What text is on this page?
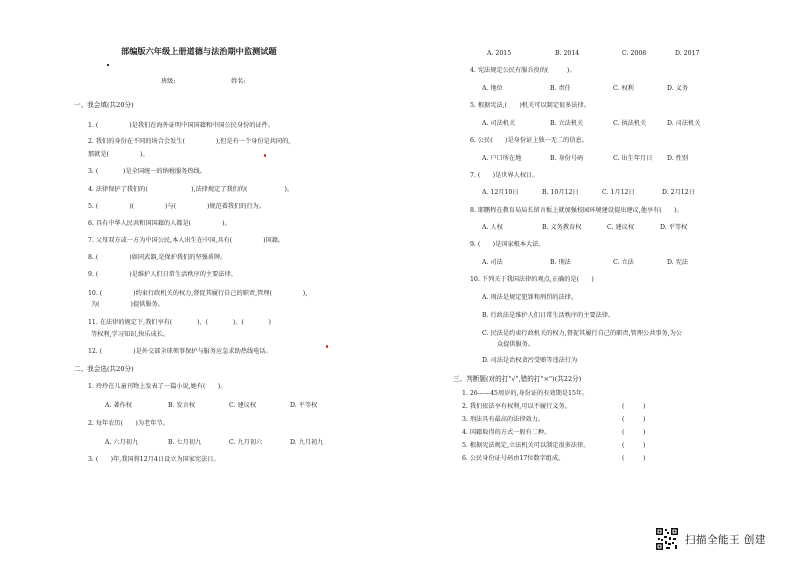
部编版六年级上册道德与法治期中监测试题
班级:	姓名:
一、我会填(共20分)
1. (　　　　　)是我们在海外证明中国国籍和中国公民身份的证件。
2. 我们的身份在不同的场合会发生(　　　　　),但是有一个身份是共同的,
那就是(　　　　　)。
3. (　　　　)是全国统一的纳税服务热线。
4. 法律保护了我们的(　　　　　　　),法律规定了我们的(　　　　　　)。
5. (　　　　　)(　　　　　)与(　　　　　)规范着我们的行为。
6. 具有中华人民共和国国籍的人都是(　　　　　)。
7. 父母双方或一方为中国公民,本人出生在中国,具有(　　　　　)国籍。
8. (　　　　　)如同武器,是保护我们的坚强盾牌。
9. (　　　　　)是维护人们日常生活秩序的主要法律。
10. (　　　　　)约束行政机关的权力,督促其履行自己的职责,管理(　　　　　),
为(　　　　　)提供服务。
11. 在法律的规定下,我们享有(　　　　)、(　　　　)、(　　　　)
等权利,学习知识,快乐成长。
12. (　　　　　)是外交部全球领事保护与服务应急求助热线电话。
二、我会选(共20分)
1. 玲玲在儿童刊物上发表了一篇小说,她有(　　)。
A. 著作权	B. 发言权	C. 建议权	D. 平等权
2. 每年农历(　　)为老年节。
A. 六月初九	B. 七月初九	C. 九月初六	D. 九月初九
3. (　　)年,我国将12月4日设立为国家宪法日。
A. 2015	B. 2014	C. 2008	D. 2017
4. 宪法规定公民有服兵役的(　　　)。
A. 地位	B. 责任	C. 权利	D. 义务
5. 根据宪法,(　　)机关可以制定很多法律。
A. 司法机关	B. 立法机关	C. 执法机关	D. 司法机关
6. 公民(　　)是身份证上独一无二的信息。
A. 户口所在地	B. 身份号码	C. 出生年月日 D. 性别
7. (　　)是世界人权日。
A. 12月10日	B. 10月12日	C. 1月12日	D. 2月12日
8. 耶鹏程在教育局局长留言板上就加强校园环境建设提出建议,他享有(　　)。
A. 人权	B. 义务教育权	C. 建议权	D. 平等权
9. (　　)是国家根本大法。
A. 司法	B. 刑法	C. 立法	D. 宪法
10. 下列关于我国法律的观点,正确的是(　　)
A. 刑法是规定犯罪和刑罚的法律。
B. 行政法是维护人们日常生活秩序的主要法律。
C. 民法是约束行政机关的权力,督促其履行自己的职责,管理公共事务,为公
众提供服务。
D. 司法是治权贪污受贿等违法行为
三、判断题(对的打"√",错的打"×")(共22分)
1. 26——45周岁的,身份证的有效期是15年。
2. 我们依法享有权利,可以不履行义务。	(　　　)
3. 刑法具有最高的法律效力。	(　　　)
4. 国籍取得的方式一般有二种。	(　　　)
5. 根据宪法规定,立法机关可以制定很多法律。	(　　　)
6. 公民身份证号码由17位数字组成。	(　　　)
扫描全能王 创建
